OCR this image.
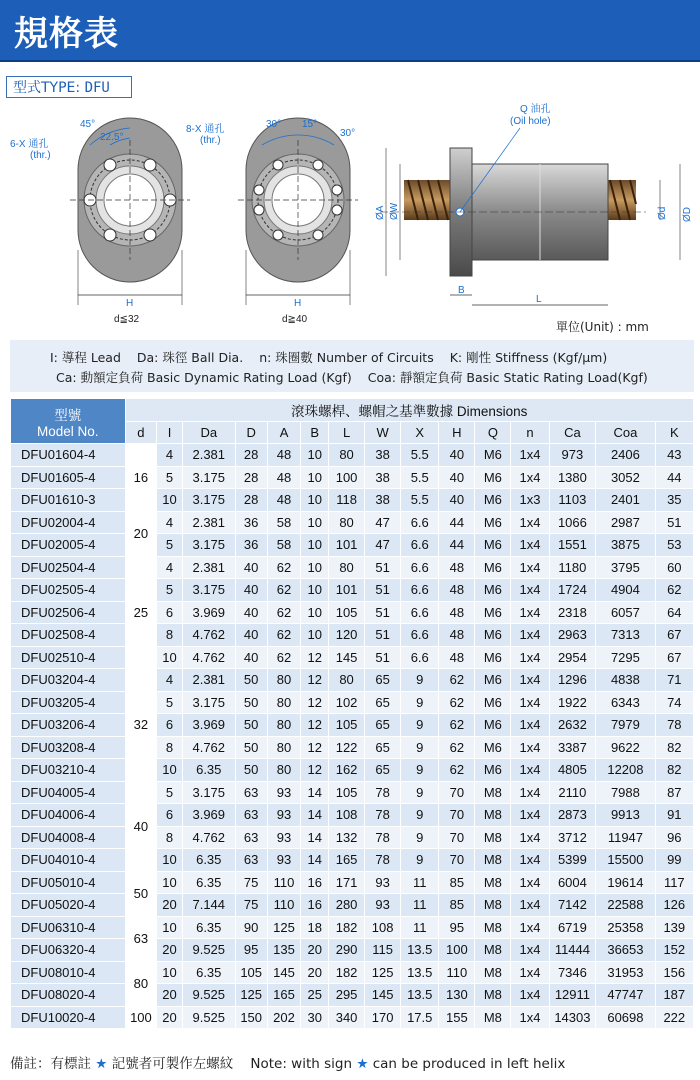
規格表
型式TYPE: DFU
H
d≦32
6-X 通孔
(thr.)
45°
22.5°
H
d≧40
8-X 通孔
(thr.)
30° 15°
30°
B
L
Q 油孔
(Oil hole)
ØA ØW	Ød ØD
單位(Unit) : mm
I: 導程 Lead Da: 珠徑 Ball Dia. n: 珠圈數 Number of Circuits K: 剛性 Stiffness (Kgf/μm)
Ca: 動額定負荷 Basic Dynamic Rating Load (Kgf) Coa: 靜額定負荷 Basic Static Rating Load(Kgf)
型號
Model No.	滾珠螺桿、螺帽之基準數據 Dimensions														
	d	I	Da	D	A	B	L	W	X	H	Q	n	Ca	Coa	K
DFU01604-4	16	4	2.381	28	48	10	80	38	5.5	40	M6	1x4	973	2406	43
DFU01605-4		5	3.175	28	48	10	100	38	5.5	40	M6	1x4	1380	3052	44
DFU01610-3		10	3.175	28	48	10	118	38	5.5	40	M6	1x3	1103	2401	35
DFU02004-4	20	4	2.381	36	58	10	80	47	6.6	44	M6	1x4	1066	2987	51
DFU02005-4		5	3.175	36	58	10	101	47	6.6	44	M6	1x4	1551	3875	53
DFU02504-4	25	4	2.381	40	62	10	80	51	6.6	48	M6	1x4	1180	3795	60
DFU02505-4		5	3.175	40	62	10	101	51	6.6	48	M6	1x4	1724	4904	62
DFU02506-4		6	3.969	40	62	10	105	51	6.6	48	M6	1x4	2318	6057	64
DFU02508-4		8	4.762	40	62	10	120	51	6.6	48	M6	1x4	2963	7313	67
DFU02510-4		10	4.762	40	62	12	145	51	6.6	48	M6	1x4	2954	7295	67
DFU03204-4	32	4	2.381	50	80	12	80	65	9	62	M6	1x4	1296	4838	71
DFU03205-4		5	3.175	50	80	12	102	65	9	62	M6	1x4	1922	6343	74
DFU03206-4		6	3.969	50	80	12	105	65	9	62	M6	1x4	2632	7979	78
DFU03208-4		8	4.762	50	80	12	122	65	9	62	M6	1x4	3387	9622	82
DFU03210-4		10	6.35	50	80	12	162	65	9	62	M6	1x4	4805	12208	82
DFU04005-4	40	5	3.175	63	93	14	105	78	9	70	M8	1x4	2110	7988	87
DFU04006-4		6	3.969	63	93	14	108	78	9	70	M8	1x4	2873	9913	91
DFU04008-4		8	4.762	63	93	14	132	78	9	70	M8	1x4	3712	11947	96
DFU04010-4		10	6.35	63	93	14	165	78	9	70	M8	1x4	5399	15500	99
DFU05010-4	50	10	6.35	75	110	16	171	93	11	85	M8	1x4	6004	19614	117
DFU05020-4		20	7.144	75	110	16	280	93	11	85	M8	1x4	7142	22588	126
DFU06310-4	63	10	6.35	90	125	18	182	108	11	95	M8	1x4	6719	25358	139
DFU06320-4		20	9.525	95	135	20	290	115	13.5	100	M8	1x4	11444	36653	152
DFU08010-4	80	10	6.35	105	145	20	182	125	13.5	110	M8	1x4	7346	31953	156
DFU08020-4		20	9.525	125	165	25	295	145	13.5	130	M8	1x4	12911	47747	187
DFU10020-4	100	20	9.525	150	202	30	340	170	17.5	155	M8	1x4	14303	60698	222
備註：有標註 ★ 記號者可製作左螺紋 Note: with sign ★ can be produced in left helix
